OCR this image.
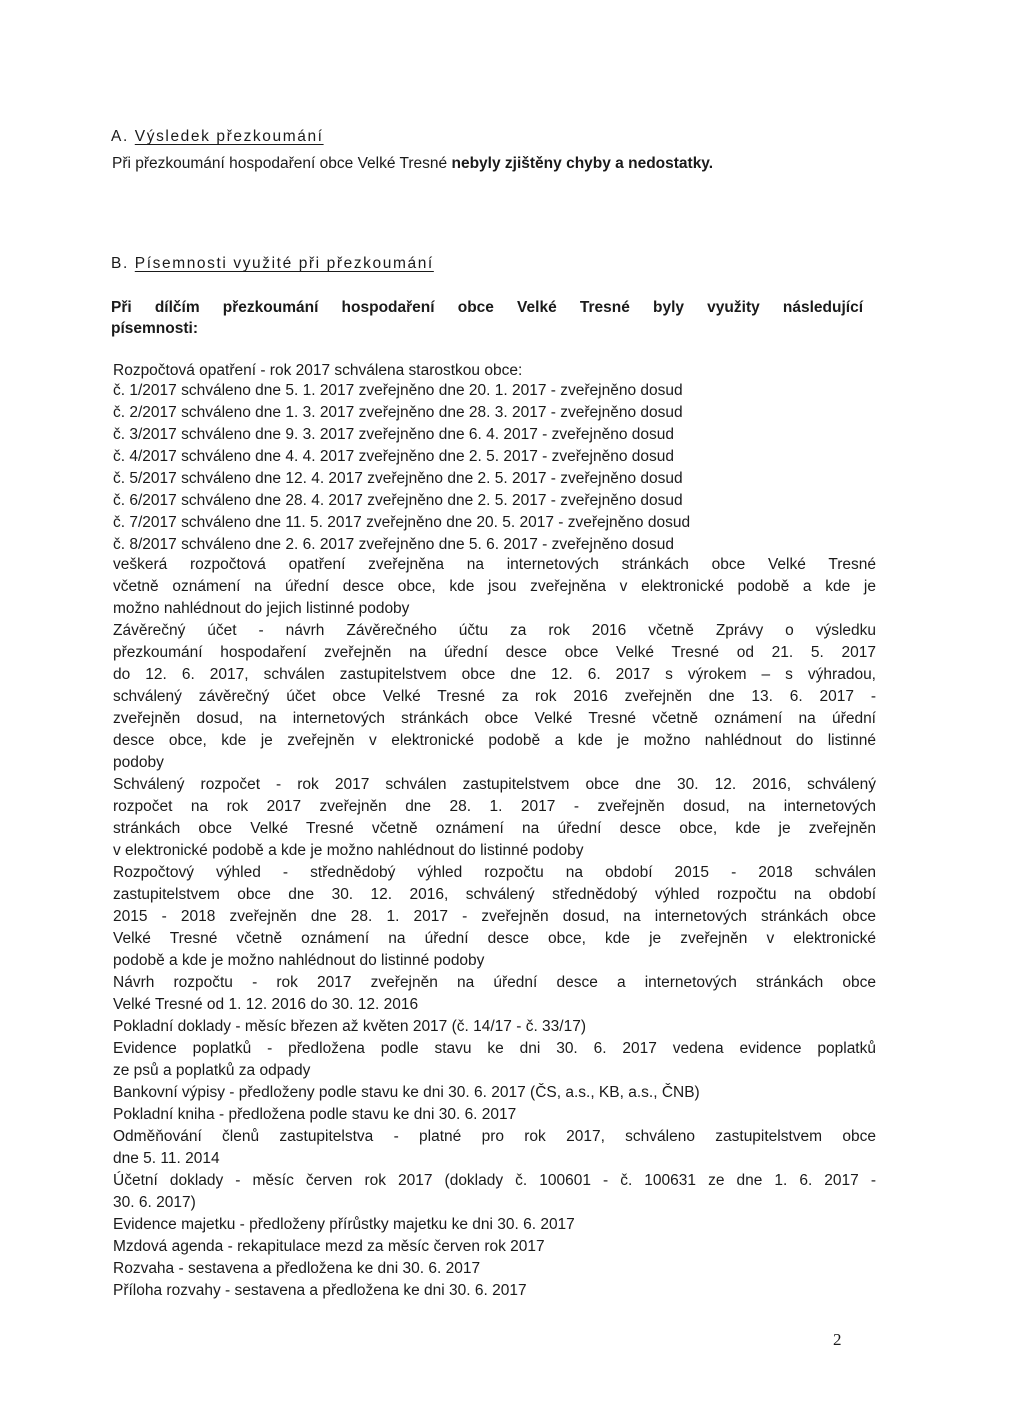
A. Výsledek přezkoumání
Při přezkoumání hospodaření obce Velké Tresné nebyly zjištěny chyby a nedostatky.
B. Písemnosti využité při přezkoumání
Při dílčím přezkoumání hospodaření obce Velké Tresné byly využity následující
písemnosti:
Rozpočtová opatření - rok 2017 schválena starostkou obce:
č. 1/2017 schváleno dne 5. 1. 2017 zveřejněno dne 20. 1. 2017 - zveřejněno dosud
č. 2/2017 schváleno dne 1. 3. 2017 zveřejněno dne 28. 3. 2017 - zveřejněno dosud
č. 3/2017 schváleno dne 9. 3. 2017 zveřejněno dne 6. 4. 2017 - zveřejněno dosud
č. 4/2017 schváleno dne 4. 4. 2017 zveřejněno dne 2. 5. 2017 - zveřejněno dosud
č. 5/2017 schváleno dne 12. 4. 2017 zveřejněno dne 2. 5. 2017 - zveřejněno dosud
č. 6/2017 schváleno dne 28. 4. 2017 zveřejněno dne 2. 5. 2017 - zveřejněno dosud
č. 7/2017 schváleno dne 11. 5. 2017 zveřejněno dne 20. 5. 2017 - zveřejněno dosud
č. 8/2017 schváleno dne 2. 6. 2017 zveřejněno dne 5. 6. 2017 - zveřejněno dosud
veškerá rozpočtová opatření zveřejněna na internetových stránkách obce Velké Tresné
včetně oznámení na úřední desce obce, kde jsou zveřejněna v elektronické podobě a kde je
možno nahlédnout do jejich listinné podoby
Závěrečný účet - návrh Závěrečného účtu za rok 2016 včetně Zprávy o výsledku
přezkoumání hospodaření zveřejněn na úřední desce obce Velké Tresné od 21. 5. 2017
do 12. 6. 2017, schválen zastupitelstvem obce dne 12. 6. 2017 s výrokem – s výhradou,
schválený závěrečný účet obce Velké Tresné za rok 2016 zveřejněn dne 13. 6. 2017 -
zveřejněn dosud, na internetových stránkách obce Velké Tresné včetně oznámení na úřední
desce obce, kde je zveřejněn v elektronické podobě a kde je možno nahlédnout do listinné
podoby
Schválený rozpočet - rok 2017 schválen zastupitelstvem obce dne 30. 12. 2016, schválený
rozpočet na rok 2017 zveřejněn dne 28. 1. 2017 - zveřejněn dosud, na internetových
stránkách obce Velké Tresné včetně oznámení na úřední desce obce, kde je zveřejněn
v elektronické podobě a kde je možno nahlédnout do listinné podoby
Rozpočtový výhled - střednědobý výhled rozpočtu na období 2015 - 2018 schválen
zastupitelstvem obce dne 30. 12. 2016, schválený střednědobý výhled rozpočtu na období
2015 - 2018 zveřejněn dne 28. 1. 2017 - zveřejněn dosud, na internetových stránkách obce
Velké Tresné včetně oznámení na úřední desce obce, kde je zveřejněn v elektronické
podobě a kde je možno nahlédnout do listinné podoby
Návrh rozpočtu - rok 2017 zveřejněn na úřední desce a internetových stránkách obce
Velké Tresné od 1. 12. 2016 do 30. 12. 2016
Pokladní doklady - měsíc březen až květen 2017 (č. 14/17 - č. 33/17)
Evidence poplatků - předložena podle stavu ke dni 30. 6. 2017 vedena evidence poplatků
ze psů a poplatků za odpady
Bankovní výpisy - předloženy podle stavu ke dni 30. 6. 2017 (ČS, a.s., KB, a.s., ČNB)
Pokladní kniha - předložena podle stavu ke dni 30. 6. 2017
Odměňování členů zastupitelstva - platné pro rok 2017, schváleno zastupitelstvem obce
dne 5. 11. 2014
Účetní doklady - měsíc červen rok 2017 (doklady č. 100601 - č. 100631 ze dne 1. 6. 2017 -
30. 6. 2017)
Evidence majetku - předloženy přírůstky majetku ke dni 30. 6. 2017
Mzdová agenda - rekapitulace mezd za měsíc červen rok 2017
Rozvaha - sestavena a předložena ke dni 30. 6. 2017
Příloha rozvahy - sestavena a předložena ke dni 30. 6. 2017
2
